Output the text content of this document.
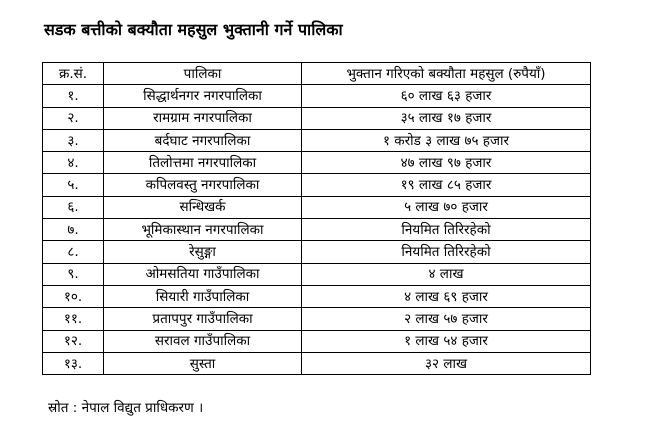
सडक बत्तीको बक्यौता महसुल भुक्तानी गर्ने पालिका
क्र.सं.	पालिका	भुक्तान गरिएको बक्यौता महसुल (रुपैयाँ)
१.	सिद्धार्थनगर नगरपालिका	६० लाख ६३ हजार
२.	रामग्राम नगरपालिका	३५ लाख १७ हजार
३.	बर्दघाट नगरपालिका	१ करोड ३ लाख ७५ हजार
४.	तिलोत्तमा नगरपालिका	४७ लाख ९७ हजार
५.	कपिलवस्तु नगरपालिका	१९ लाख ८५ हजार
६.	सन्धिखर्क	५ लाख ७० हजार
७.	भूमिकास्थान नगरपालिका	नियमित तिरिरहेको
८.	रेसुङ्गा	नियमित तिरिरहेको
९.	ओमसतिया गाउँपालिका	४ लाख
१०.	सियारी गाउँपालिका	४ लाख ६९ हजार
११.	प्रतापपुर गाउँपालिका	२ लाख ५७ हजार
१२.	सरावल गाउँपालिका	१ लाख ५४ हजार
१३.	सुस्ता	३२ लाख
स्रोत : नेपाल विद्युत प्राधिकरण ।
